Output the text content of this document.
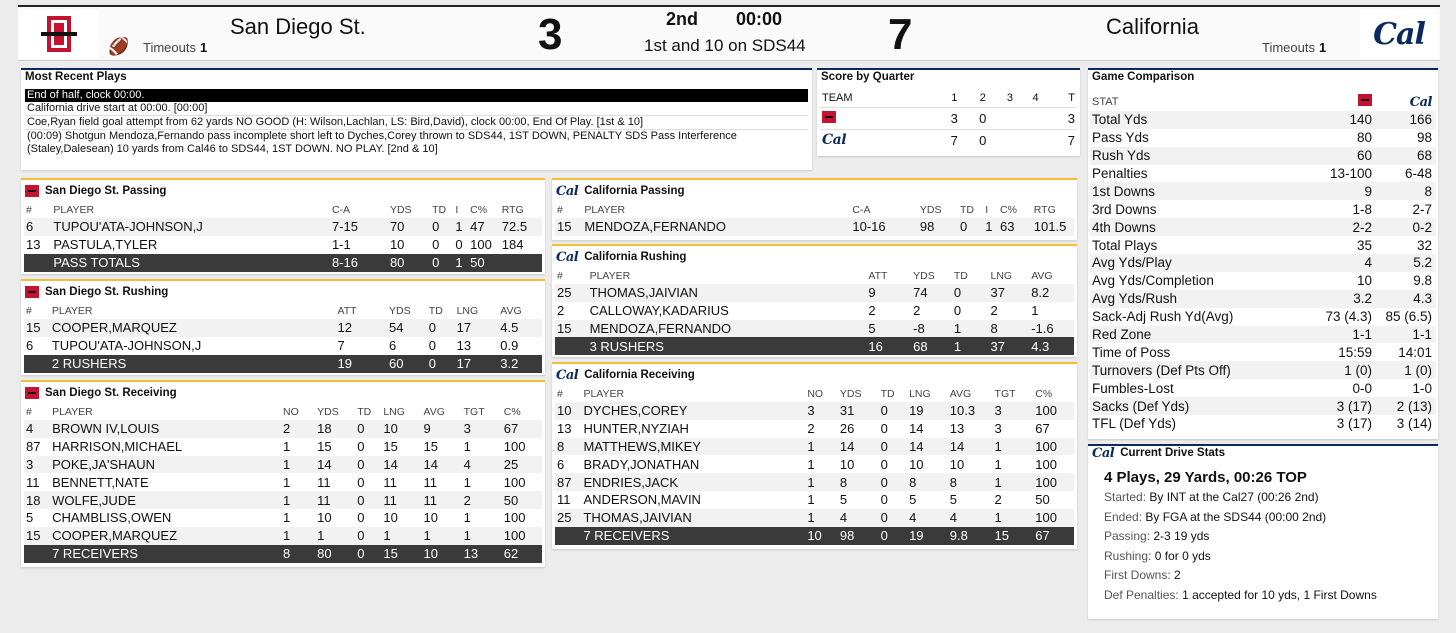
🏈 Timeouts 1
San Diego St.	3	2nd 00:00
1st and 10 on SDS44 7	California
Timeouts 1 Cal
Most Recent Plays
End of half, clock 00:00.
California drive start at 00:00. [00:00]
Coe,Ryan field goal attempt from 62 yards NO GOOD (H: Wilson,Lachlan, LS: Bird,David), clock 00:00, End Of Play. [1st & 10]
(00:09) Shotgun Mendoza,Fernando pass incomplete short left to Dyches,Corey thrown to SDS44, 1ST DOWN, PENALTY SDS Pass Interference (Staley,Dalesean) 10 yards from Cal46 to SDS44, 1ST DOWN. NO PLAY. [2nd & 10]
Score by Quarter
TEAM	1	2	3	4	T
	3	0			3
Cal	7	0			7
Game Comparison
STAT		Cal
Total Yds	140	166
Pass Yds	80	98
Rush Yds	60	68
Penalties	13-100	6-48
1st Downs	9	8
3rd Downs	1-8	2-7
4th Downs	2-2	0-2
Total Plays	35	32
Avg Yds/Play	4	5.2
Avg Yds/Completion	10	9.8
Avg Yds/Rush	3.2	4.3
Sack-Adj Rush Yd(Avg)	73 (4.3)	85 (6.5)
Red Zone	1-1	1-1
Time of Poss	15:59	14:01
Turnovers (Def Pts Off)	1 (0)	1 (0)
Fumbles-Lost	0-0	1-0
Sacks (Def Yds)	3 (17)	2 (13)
TFL (Def Yds)	3 (17)	3 (14)
Cal Current Drive Stats
4 Plays, 29 Yards, 00:26 TOP
Started: By INT at the Cal27 (00:26 2nd)
Ended: By FGA at the SDS44 (00:00 2nd)
Passing: 2-3 19 yds
Rushing: 0 for 0 yds
First Downs: 2
Def Penalties: 1 accepted for 10 yds, 1 First Downs
San Diego St. Passing
#	PLAYER	C-A	YDS	TD	I	C%	RTG
6	TUPOU'ATA-JOHNSON,J	7-15	70	0	1	47	72.5
13	PASTULA,TYLER	1-1	10	0	0	100	184
	PASS TOTALS	8-16	80	0	1	50	
San Diego St. Rushing
#	PLAYER	ATT	YDS	TD	LNG	AVG
15	COOPER,MARQUEZ	12	54	0	17	4.5
6	TUPOU'ATA-JOHNSON,J	7	6	0	13	0.9
	2 RUSHERS	19	60	0	17	3.2
San Diego St. Receiving
#	PLAYER	NO	YDS	TD	LNG	AVG	TGT	C%
4	BROWN IV,LOUIS	2	18	0	10	9	3	67
87	HARRISON,MICHAEL	1	15	0	15	15	1	100
3	POKE,JA'SHAUN	1	14	0	14	14	4	25
11	BENNETT,NATE	1	11	0	11	11	1	100
18	WOLFE,JUDE	1	11	0	11	11	2	50
5	CHAMBLISS,OWEN	1	10	0	10	10	1	100
15	COOPER,MARQUEZ	1	1	0	1	1	1	100
	7 RECEIVERS	8	80	0	15	10	13	62
Cal California Passing
#	PLAYER	C-A	YDS	TD	I	C%	RTG
15	MENDOZA,FERNANDO	10-16	98	0	1	63	101.5
Cal California Rushing
#	PLAYER	ATT	YDS	TD	LNG	AVG
25	THOMAS,JAIVIAN	9	74	0	37	8.2
2	CALLOWAY,KADARIUS	2	2	0	2	1
15	MENDOZA,FERNANDO	5	-8	1	8	-1.6
	3 RUSHERS	16	68	1	37	4.3
Cal California Receiving
#	PLAYER	NO	YDS	TD	LNG	AVG	TGT	C%
10	DYCHES,COREY	3	31	0	19	10.3	3	100
13	HUNTER,NYZIAH	2	26	0	14	13	3	67
8	MATTHEWS,MIKEY	1	14	0	14	14	1	100
6	BRADY,JONATHAN	1	10	0	10	10	1	100
87	ENDRIES,JACK	1	8	0	8	8	1	100
11	ANDERSON,MAVIN	1	5	0	5	5	2	50
25	THOMAS,JAIVIAN	1	4	0	4	4	1	100
	7 RECEIVERS	10	98	0	19	9.8	15	67
